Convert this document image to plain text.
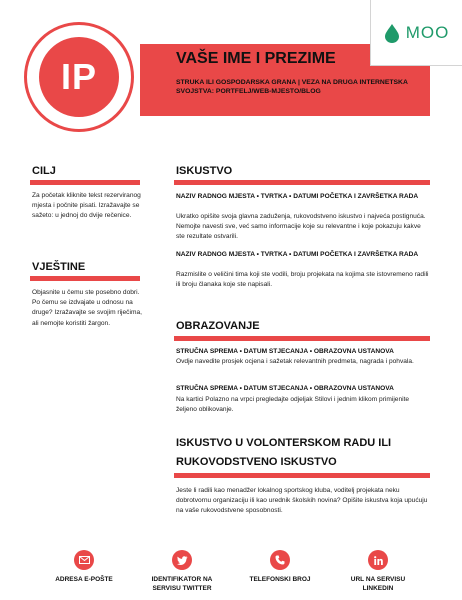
IP	VAŠE IME I PREZIME
STRUKA ILI GOSPODARSKA GRANA | VEZA NA DRUGA INTERNETSKA
SVOJSTVA: PORTFELJ/WEB-MJESTO/BLOG
MOO
CILJ
Za početak kliknite tekst rezerviranog mjesta i počnite pisati. Izražavajte se sažeto: u jednoj do dvije rečenice.
VJEŠTINE
Objasnite u čemu ste posebno dobri. Po čemu se izdvajate u odnosu na druge? Izražavajte se svojim riječima, ali nemojte koristiti žargon.
ISKUSTVO
NAZIV RADNOG MJESTA • TVRTKA • DATUMI POČETKA I ZAVRŠETKA RADA
Ukratko opišite svoja glavna zaduženja, rukovodstveno iskustvo i najveća postignuća. Nemojte navesti sve, već samo informacije koje su relevantne i koje pokazuju kakve ste rezultate ostvarili.
NAZIV RADNOG MJESTA • TVRTKA • DATUMI POČETKA I ZAVRŠETKA RADA
Razmislite o veličini tima koji ste vodili, broju projekata na kojima ste istovremeno radili ili broju članaka koje ste napisali.
OBRAZOVANJE
STRUČNA SPREMA • DATUM STJECANJA • OBRAZOVNA USTANOVA
Ovdje navedite prosjek ocjena i sažetak relevantnih predmeta, nagrada i pohvala.
STRUČNA SPREMA • DATUM STJECANJA • OBRAZOVNA USTANOVA
Na kartici Polazno na vrpci pregledajte odjeljak Stilovi i jednim klikom primijenite željeno oblikovanje.
ISKUSTVO U VOLONTERSKOM RADU ILI
RUKOVODSTVENO ISKUSTVO
Jeste li radili kao menadžer lokalnog sportskog kluba, voditelj projekata neku dobrotvornu organizaciju ili kao urednik školskih novina? Opišite iskustva koja upućuju na vaše rukovodstvene sposobnosti.
ADRESA E-POŠTE	IDENTIFIKATOR NA
SERVISU TWITTER
TELEFONSKI BROJ	URL NA SERVISU
LINKEDIN
